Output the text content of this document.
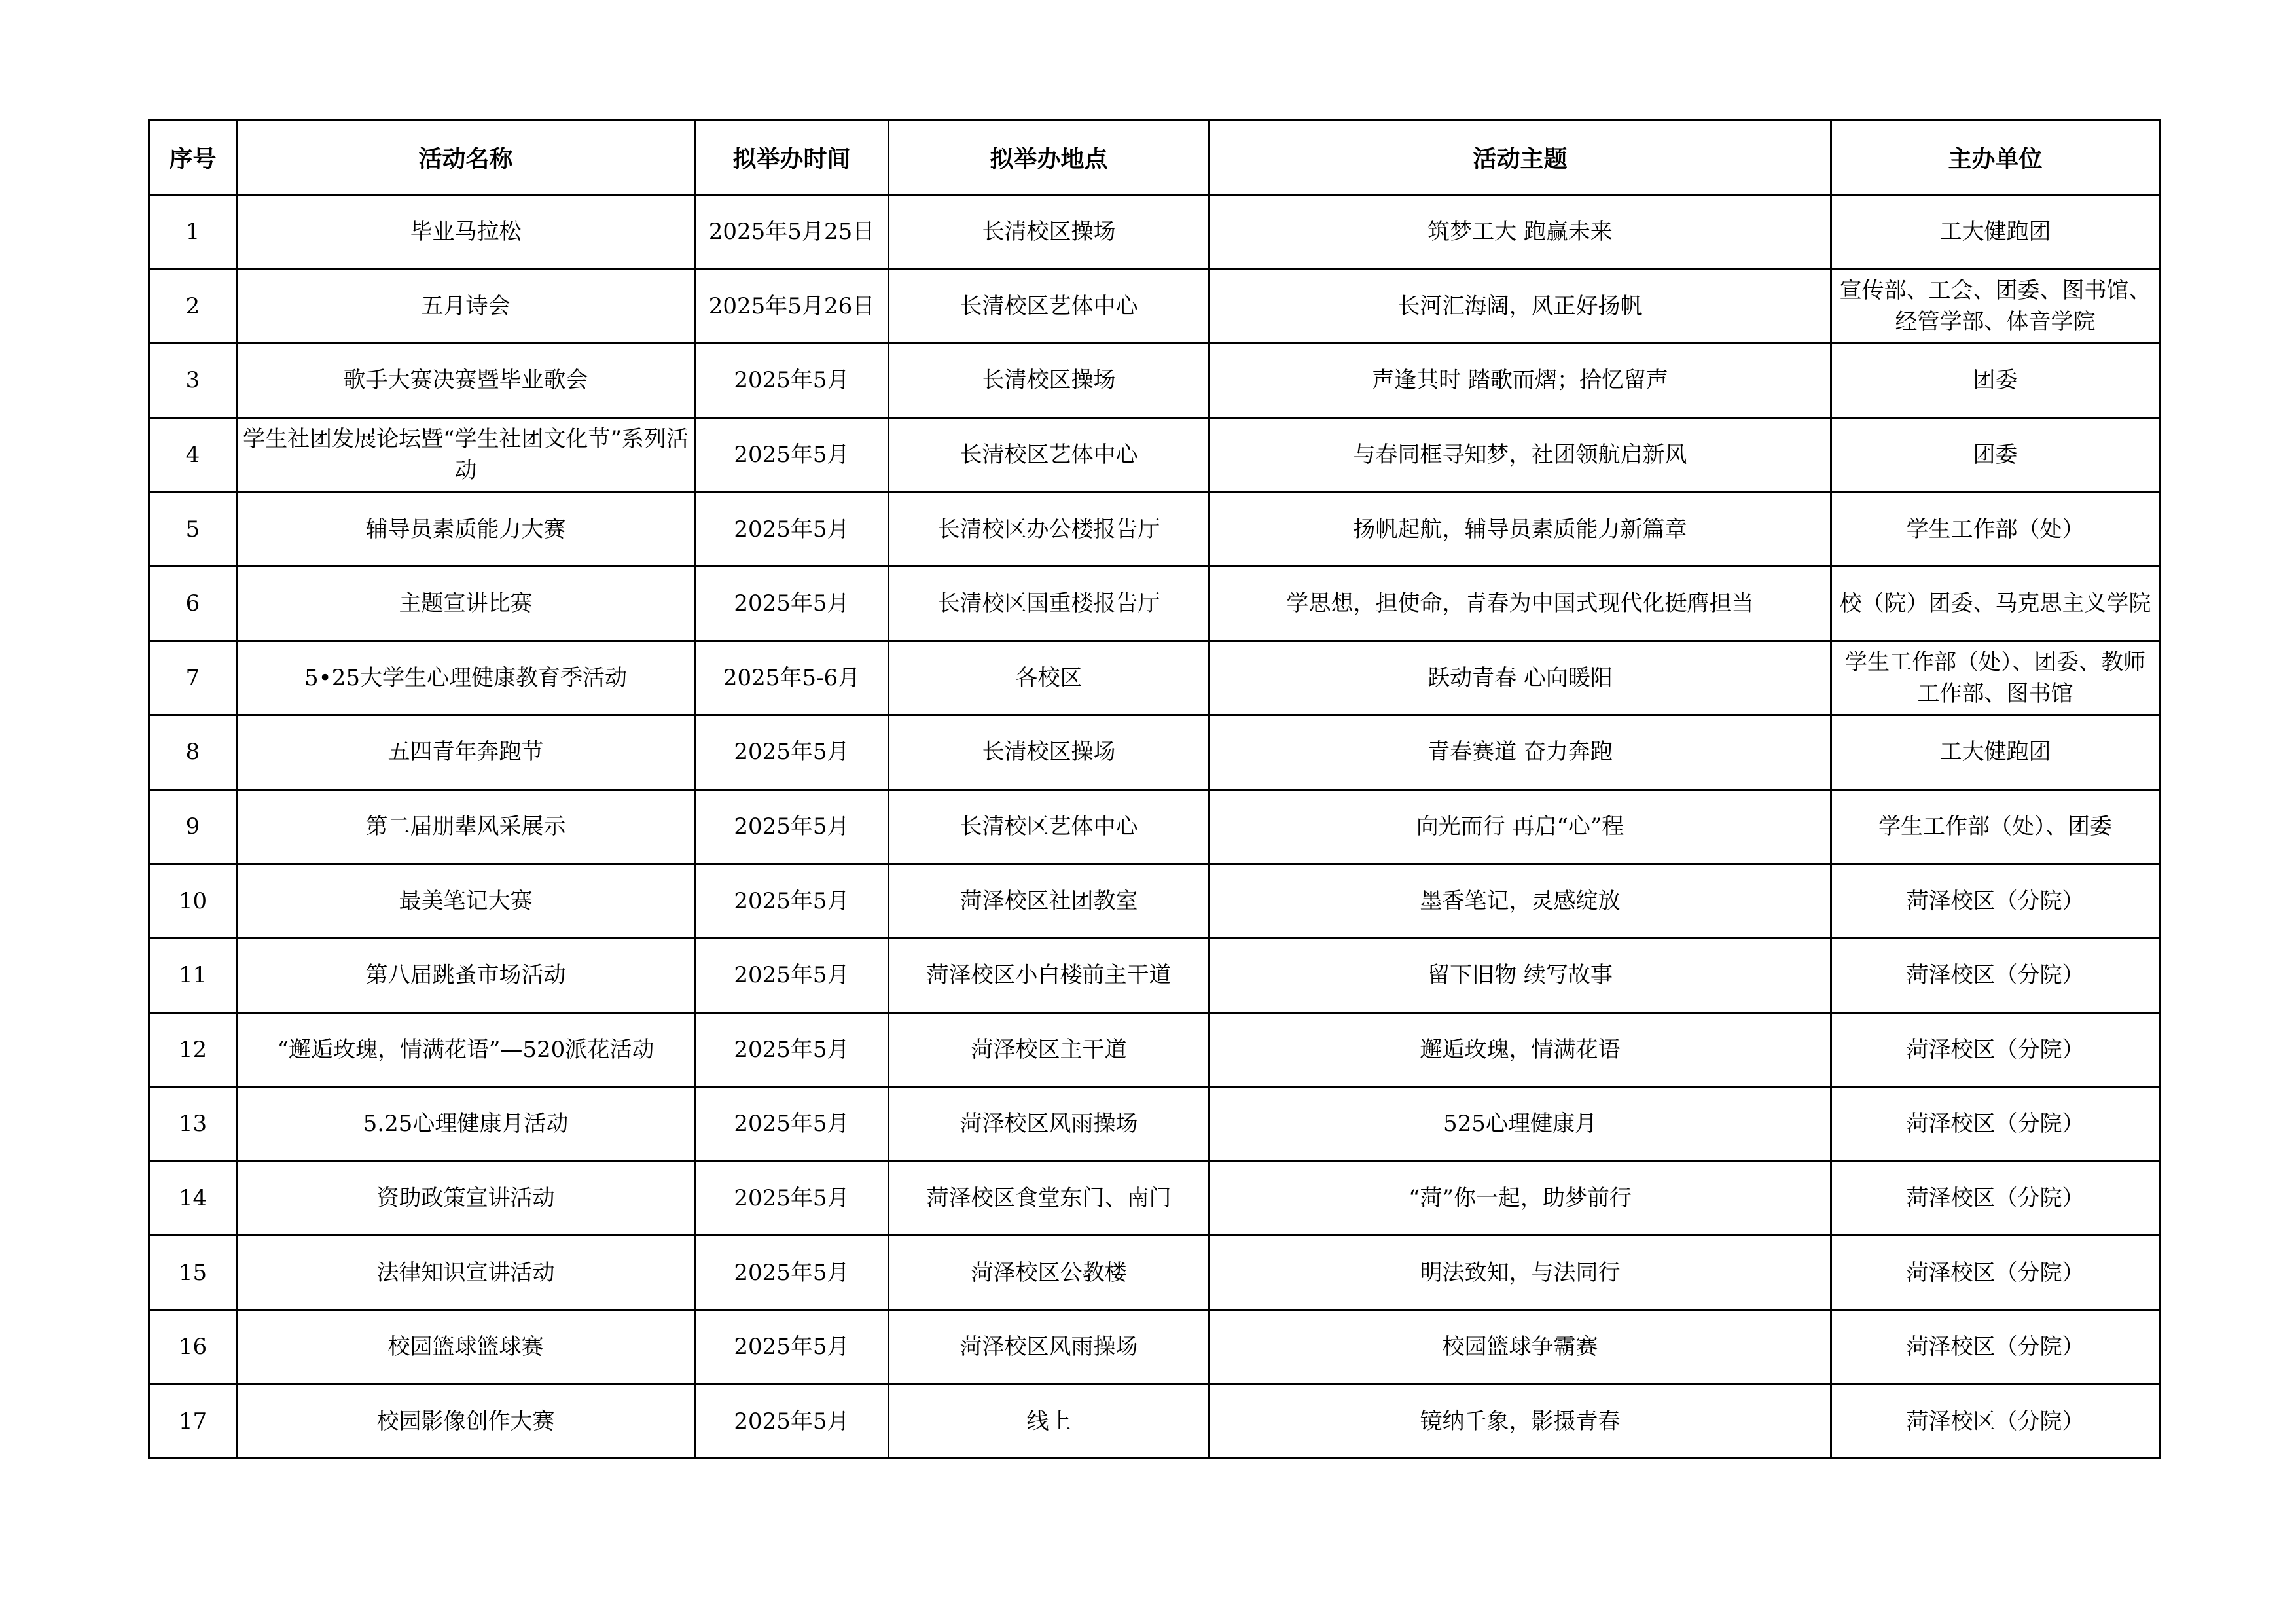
序号	活动名称	拟举办时间	拟举办地点	活动主题	主办单位

1	毕业马拉松	2025年5月25日	长清校区操场	筑梦工大 跑赢未来	工大健跑团

2	五月诗会	2025年5月26日	长清校区艺体中心	长河汇海阔，风正好扬帆	宣传部、工会、团委、图书馆、经管学部、体音学院

3	歌手大赛决赛暨毕业歌会	2025年5月	长清校区操场	声逢其时 踏歌而熠；拾忆留声	团委

4	学生社团发展论坛暨“学生社团文化节”系列活动	2025年5月	长清校区艺体中心	与春同框寻知梦，社团领航启新风	团委

5	辅导员素质能力大赛	2025年5月	长清校区办公楼报告厅	扬帆起航，辅导员素质能力新篇章	学生工作部（处）

6	主题宣讲比赛	2025年5月	长清校区国重楼报告厅	学思想，担使命，青春为中国式现代化挺膺担当	校（院）团委、马克思主义学院

7	5•25大学生心理健康教育季活动	2025年5-6月	各校区	跃动青春 心向暖阳	学生工作部（处）、团委、教师工作部、图书馆

8	五四青年奔跑节	2025年5月	长清校区操场	青春赛道 奋力奔跑	工大健跑团

9	第二届朋辈风采展示	2025年5月	长清校区艺体中心	向光而行 再启“心”程	学生工作部（处）、团委

10	最美笔记大赛	2025年5月	菏泽校区社团教室	墨香笔记，灵感绽放	菏泽校区（分院）

11	第八届跳蚤市场活动	2025年5月	菏泽校区小白楼前主干道	留下旧物 续写故事	菏泽校区（分院）

12	“邂逅玫瑰，情满花语”—520派花活动	2025年5月	菏泽校区主干道	邂逅玫瑰，情满花语	菏泽校区（分院）

13	5.25心理健康月活动	2025年5月	菏泽校区风雨操场	525心理健康月	菏泽校区（分院）

14	资助政策宣讲活动	2025年5月	菏泽校区食堂东门、南门	“菏”你一起，助梦前行	菏泽校区（分院）

15	法律知识宣讲活动	2025年5月	菏泽校区公教楼	明法致知，与法同行	菏泽校区（分院）

16	校园篮球篮球赛	2025年5月	菏泽校区风雨操场	校园篮球争霸赛	菏泽校区（分院）

17	校园影像创作大赛	2025年5月	线上	镜纳千象，影摄青春	菏泽校区（分院）
